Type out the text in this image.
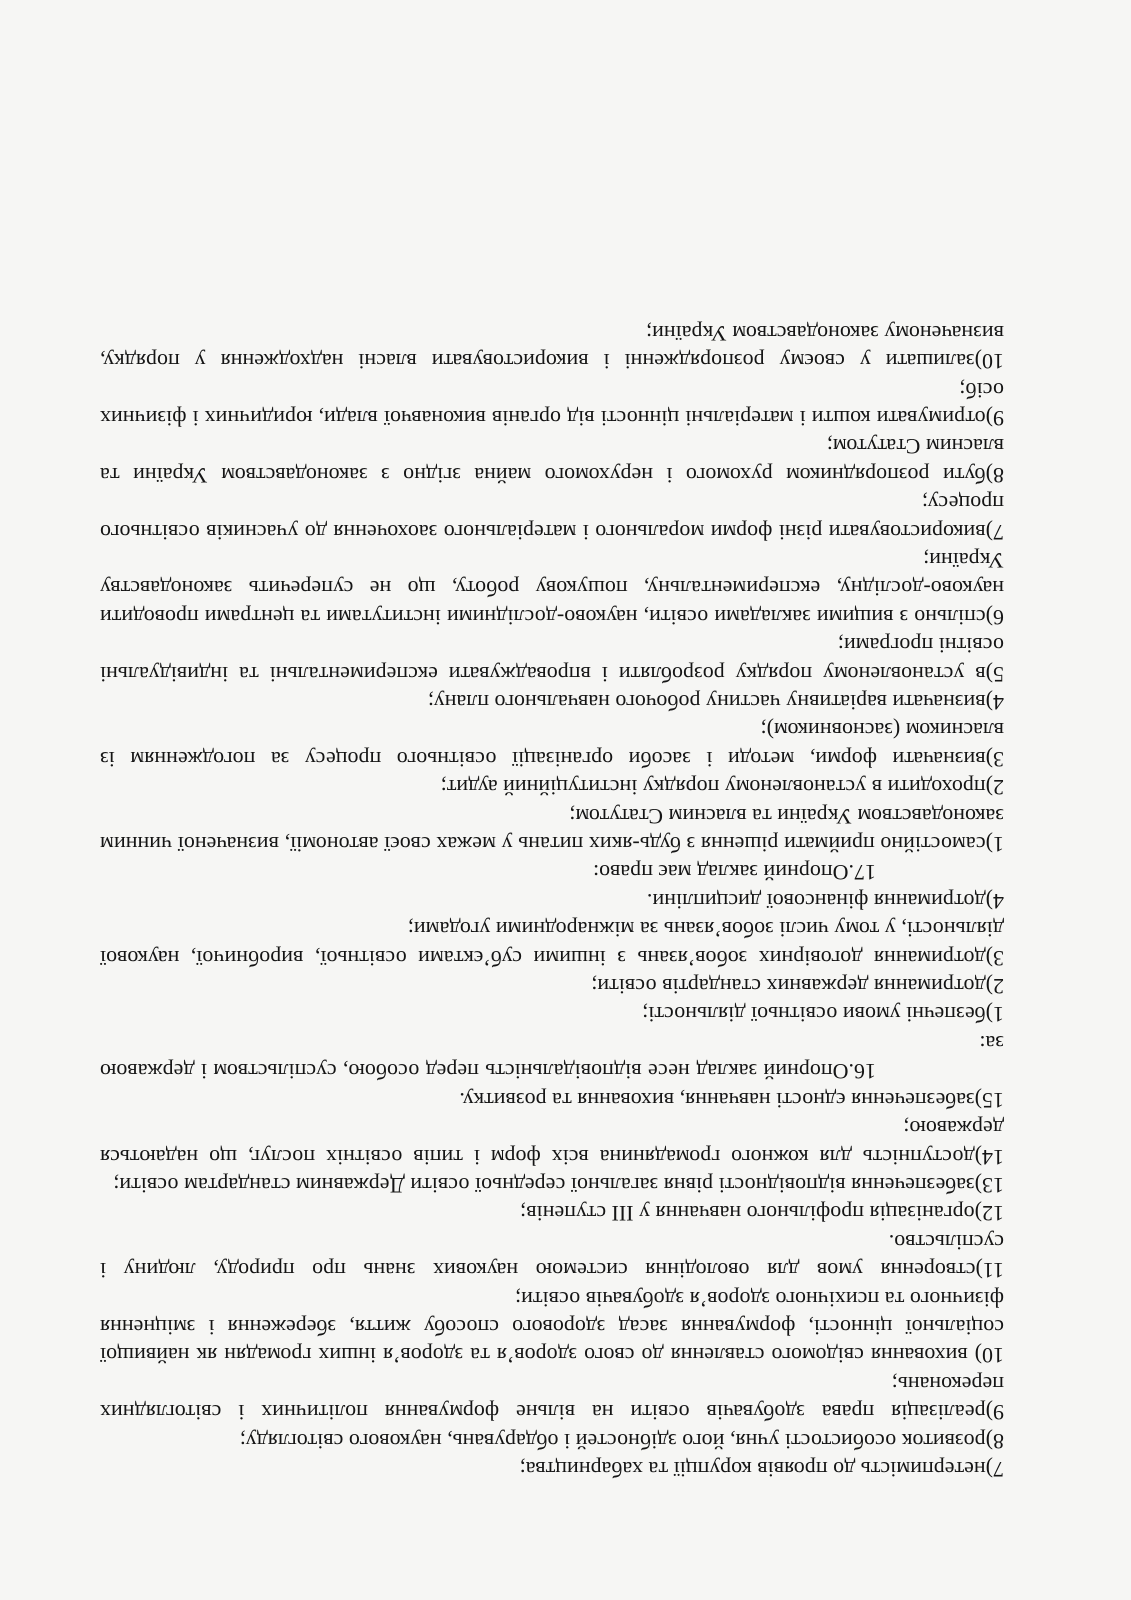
7)нетерпимість до проявів корупції та хабарництва;

8)розвиток особистості учня, його здібностей і обдарувань, наукового світогляду;

9)реалізація права здобувачів освіти на вільне формування політичних і світоглядних переконань;

10) виховання свідомого ставлення до свого здоров’я та здоров’я інших громадян як найвищої соціальної цінності, формування засад здорового способу життя, збереження і зміцнення фізичного та психічного здоров’я здобувачів освіти;

11)створення умов для оволодіння системою наукових знань про природу, людину і суспільство.

12)організація профільного навчання у ІІІ ступенів;

13)забезпечення відповідності рівня загальної середньої освіти Державним стандартам освіти;

14)доступність для кожного громадянина всіх форм і типів освітніх послуг, що надаються державою;

15)забезпечення єдності навчання, виховання та розвитку.

16.Опорний заклад несе відповідальність перед особою, суспільством і державою за:

1)безпечні умови освітньої діяльності;

2)дотримання державних стандартів освіти;

3)дотримання договірних зобов’язань з іншими суб’єктами освітньої, виробничої, наукової діяльності, у тому числі зобов’язань за міжнародними угодами;

4)дотримання фінансової дисципліни.

17.Опорний заклад має право:

1)самостійно приймати рішення з будь-яких питань у межах своєї автономії, визначеної чинним законодавством України та власним Статутом;

2)проходити в установленому порядку інституційний аудит;

3)визначати форми, методи і засоби організації освітнього процесу за погодженням із власником (засновником);

4)визначати варіативну частину робочого навчального плану;

5)в установленому порядку розробляти і впроваджувати експериментальні та індивідуальні освітні програми;

6)спільно з вищими закладами освіти, науково-дослідними інститутами та центрами проводити науково-дослідну, експериментальну, пошукову роботу, що не суперечить законодавству України;

7)використовувати різні форми морального і матеріального заохочення до учасників освітнього процесу;

8)бути розпорядником рухомого і нерухомого майна згідно з законодавством України та власним Статутом;

9)отримувати кошти і матеріальні цінності від органів виконавчої влади, юридичних і фізичних осіб;

10)залишати у своєму розпорядженні і використовувати власні надходження у порядку, визначеному законодавством України;
